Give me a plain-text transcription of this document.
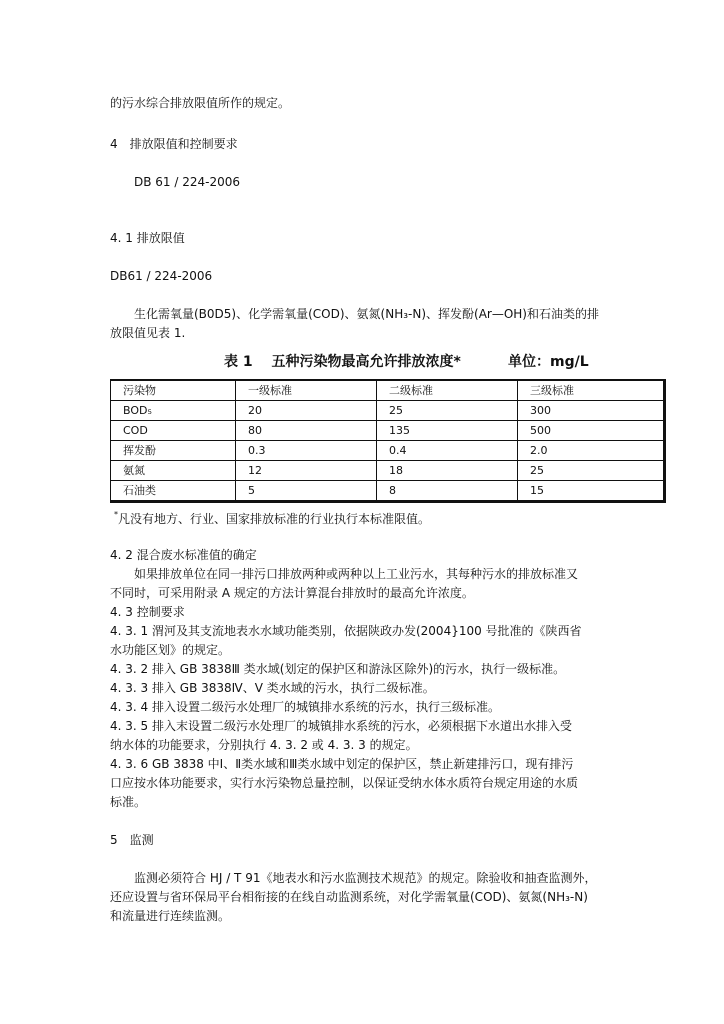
的污水综合排放限值所作的规定。
4　排放限值和控制要求
DB 61 / 224-2006
4. 1 排放限值
DB61 / 224-2006
生化需氧量(B0D5)、化学需氧量(COD)、氨氮(NH₃-N)、挥发酚(Ar—OH)和石油类的排
放限值见表 1.
表 1　 五种污染物最高允许排放浓度*	单位：mg/L
污染物	一级标准	二级标准	三级标准
BOD₅	20	25	300
COD	80	135	500
挥发酚	0.3	0.4	2.0
氨氮	12	18	25
石油类	5	8	15
*凡没有地方、行业、国家排放标准的行业执行本标准限值。
4. 2 混合废水标准值的确定
如果排放单位在同一排污口排放两种或两种以上工业污水，其每种污水的排放标准又
不同时，可采用附录 A 规定的方法计算混台排放时的最高允许浓度。
4. 3 控制要求
4. 3. 1 渭河及其支流地表水水域功能类别，依据陕政办发(2004}100 号批准的《陕西省
水功能区划》的规定。
4. 3. 2 排入 GB 3838Ⅲ 类水域(划定的保护区和游泳区除外)的污水，执行一级标准。
4. 3. 3 排入 GB 3838Ⅳ、V 类水域的污水，执行二级标准。
4. 3. 4 排入设置二级污水处理厂的城镇排水系统的污水，执行三级标准。
4. 3. 5 排入末设置二级污水处理厂的城镇排水系统的污水，必须根据下水道出水排入受
纳水体的功能要求，分别执行 4. 3. 2 或 4. 3. 3 的规定。
4. 3. 6 GB 3838 中Ⅰ、Ⅱ类水域和Ⅲ类水域中划定的保护区，禁止新建排污口，现有排污
口应按水体功能要求，实行水污染物总量控制，以保证受纳水体水质符台规定用途的水质
标准。
5　监测
监测必须符合 HJ / T 91《地表水和污水监测技术规范》的规定。除验收和抽查监测外，
还应设置与省环保局平台相衔接的在线自动监测系统，对化学需氧量(COD)、氨氮(NH₃-N)
和流量进行连续监测。
